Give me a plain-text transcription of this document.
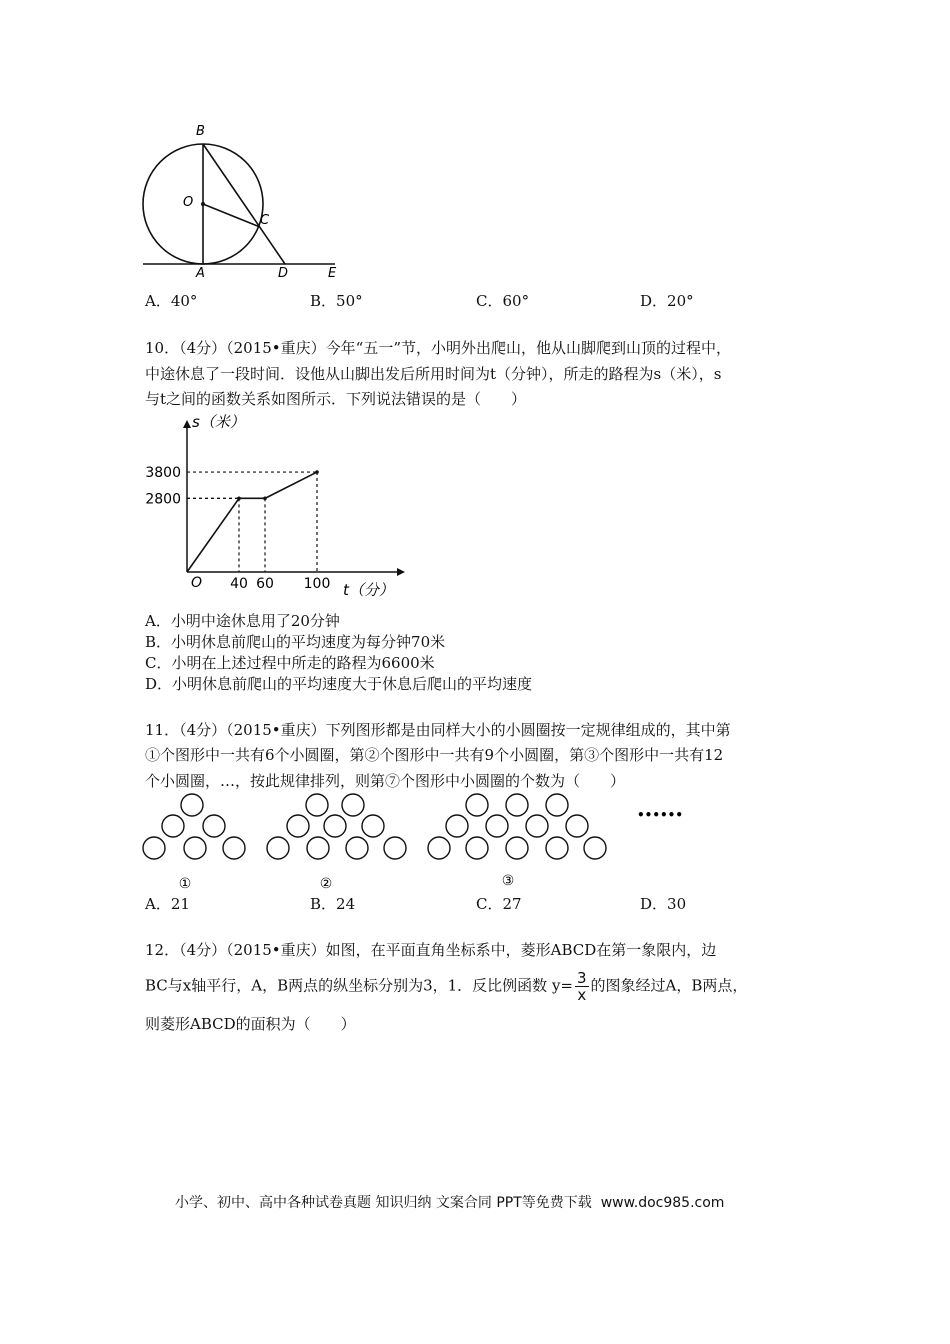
B
O
C
A	D	E
A．40°	B．50°	C．60°	D．20°
10．（4分）（2015•重庆）今年“五一”节，小明外出爬山，他从山脚爬到山顶的过程中，
中途休息了一段时间．设他从山脚出发后所用时间为t（分钟），所走的路程为s（米），s
与t之间的函数关系如图所示．下列说法错误的是（　　）
s（米）
t（分）
O 40 60 100
3800
2800
A．小明中途休息用了20分钟
B．小明休息前爬山的平均速度为每分钟70米
C．小明在上述过程中所走的路程为6600米
D．小明休息前爬山的平均速度大于休息后爬山的平均速度
11．（4分）（2015•重庆）下列图形都是由同样大小的小圆圈按一定规律组成的，其中第
①个图形中一共有6个小圆圈，第②个图形中一共有9个小圆圈，第③个图形中一共有12
个小圆圈，…，按此规律排列，则第⑦个图形中小圆圈的个数为（　　）
①	②	③
••••••
A．21	B．24	C．27	D．30
12．（4分）（2015•重庆）如图，在平面直角坐标系中，菱形ABCD在第一象限内，边
BC与x轴平行，A，B两点的纵坐标分别为3，1．反比例函数 $y= \frac{3}{x}$ 的图象经过A，B两点，
则菱形ABCD的面积为（　　）
小学、初中、高中各种试卷真题 知识归纳 文案合同 PPT等免费下载 www.doc985.com
